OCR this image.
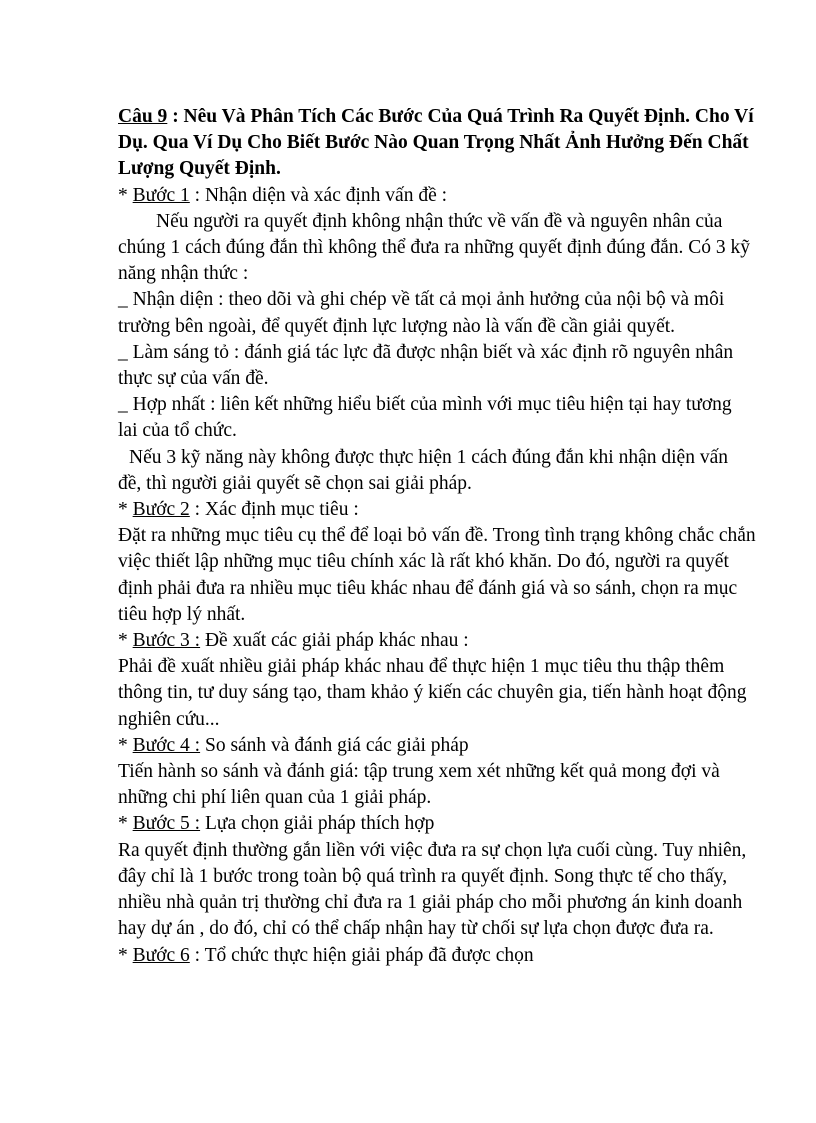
Câu 9 : Nêu Và Phân Tích Các Bước Của Quá Trình Ra Quyết Định. Cho Ví Dụ. Qua Ví Dụ Cho Biết Bước Nào Quan Trọng Nhất Ảnh Hưởng Đến Chất Lượng Quyết Định.

* Bước 1 : Nhận diện và xác định vấn đề :

Nếu người ra quyết định không nhận thức về vấn đề và nguyên nhân của chúng 1 cách đúng đắn thì không thể đưa ra những quyết định đúng đắn. Có 3 kỹ năng nhận thức :

_ Nhận diện : theo dõi và ghi chép về tất cả mọi ảnh hưởng của nội bộ và môi trường bên ngoài, để quyết định lực lượng nào là vấn đề cần giải quyết.

_ Làm sáng tỏ : đánh giá tác lực đã được nhận biết và xác định rõ nguyên nhân thực sự của vấn đề.

_ Hợp nhất : liên kết những hiểu biết của mình với mục tiêu hiện tại hay tương lai của tổ chức.

Nếu 3 kỹ năng này không được thực hiện 1 cách đúng đắn khi nhận diện vấn đề, thì người giải quyết sẽ chọn sai giải pháp.

* Bước 2 : Xác định mục tiêu :

Đặt ra những mục tiêu cụ thể để loại bỏ vấn đề. Trong tình trạng không chắc chắn việc thiết lập những mục tiêu chính xác là rất khó khăn. Do đó, người ra quyết định phải đưa ra nhiều mục tiêu khác nhau để đánh giá và so sánh, chọn ra mục tiêu hợp lý nhất.

* Bước 3 : Đề xuất các giải pháp khác nhau :

Phải đề xuất nhiều giải pháp khác nhau để thực hiện 1 mục tiêu thu thập thêm thông tin, tư duy sáng tạo, tham khảo ý kiến các chuyên gia, tiến hành hoạt động nghiên cứu...

* Bước 4 : So sánh và đánh giá các giải pháp

Tiến hành so sánh và đánh giá: tập trung xem xét những kết quả mong đợi và những chi phí liên quan của 1 giải pháp.

* Bước 5 : Lựa chọn giải pháp thích hợp

Ra quyết định thường gắn liền với việc đưa ra sự chọn lựa cuối cùng. Tuy nhiên, đây chỉ là 1 bước trong toàn bộ quá trình ra quyết định. Song thực tế cho thấy, nhiều nhà quản trị thường chỉ đưa ra 1 giải pháp cho mỗi phương án kinh doanh hay dự án , do đó, chỉ có thể chấp nhận hay từ chối sự lựa chọn được đưa ra.

* Bước 6 : Tổ chức thực hiện giải pháp đã được chọn
